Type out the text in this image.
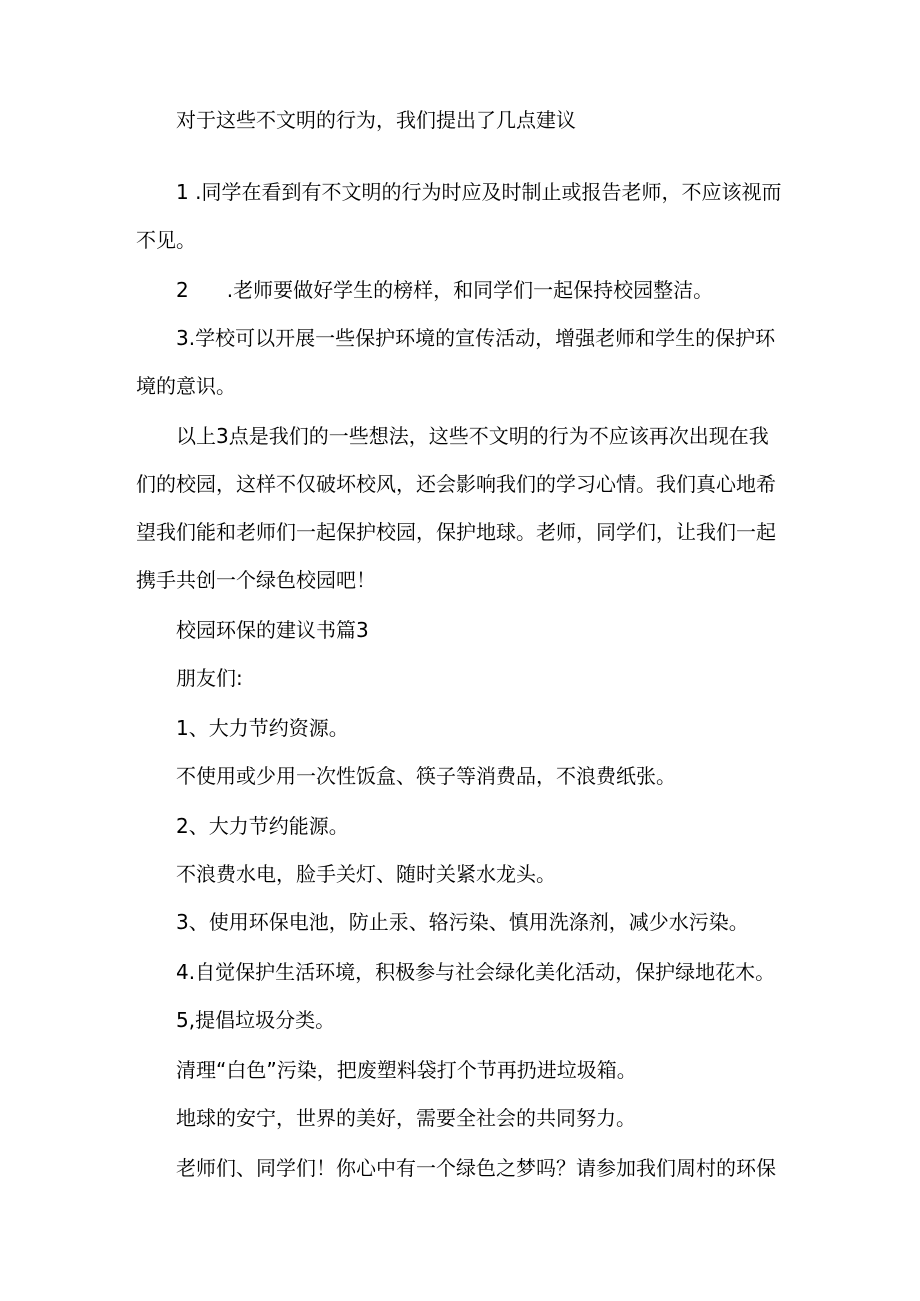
对于这些不文明的行为，我们提出了几点建议
1 .同学在看到有不文明的行为时应及时制止或报告老师，不应该视而
不见。
2 .老师要做好学生的榜样，和同学们一起保持校园整洁。
3.学校可以开展一些保护环境的宣传活动，增强老师和学生的保护环
境的意识。
以上3点是我们的一些想法，这些不文明的行为不应该再次出现在我
们的校园，这样不仅破坏校风，还会影响我们的学习心情。我们真心地希
望我们能和老师们一起保护校园，保护地球。老师，同学们，让我们一起
携手共创一个绿色校园吧！
校园环保的建议书篇3
朋友们:
1、大力节约资源。
不使用或少用一次性饭盒、筷子等消费品，不浪费纸张。
2、大力节约能源。
不浪费水电，脸手关灯、随时关紧水龙头。
3、使用环保电池，防止汞、辂污染、慎用洗涤剂，减少水污染。
4.自觉保护生活环境，积极参与社会绿化美化活动，保护绿地花木。
5,提倡垃圾分类。
清理“白色”污染，把废塑料袋打个节再扔进垃圾箱。
地球的安宁，世界的美好，需要全社会的共同努力。
老师们、同学们！你心中有一个绿色之梦吗？请参加我们周村的环保
